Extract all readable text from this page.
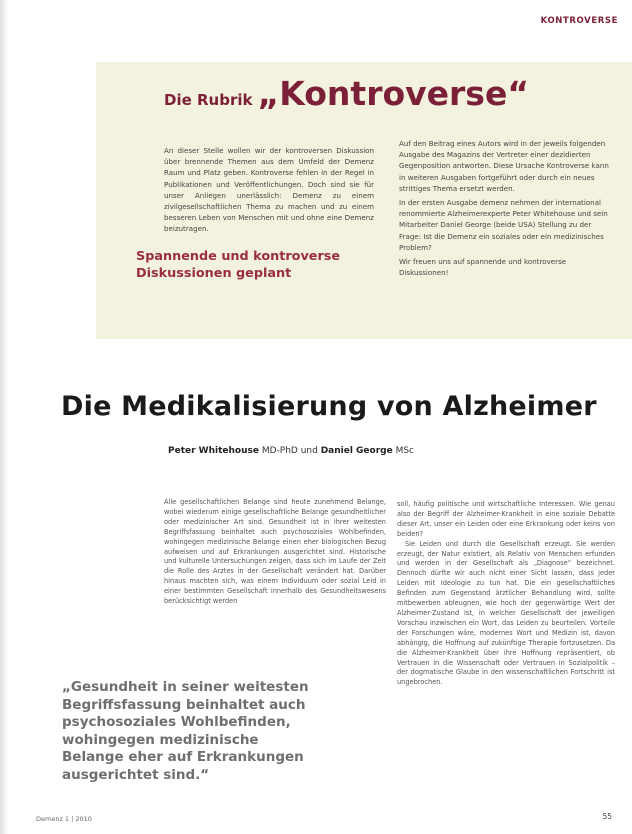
KONTROVERSE
Die Rubrik „Kontroverse“

An dieser Stelle wollen wir der kontroversen Diskussion über brennende Themen aus dem Umfeld der Demenz Raum und Platz geben. Kontroverse fehlen in der Regel in Publikationen und Veröffentlichungen. Doch sind sie für unser Anliegen unerlässlich: Demenz zu einem zivilgesellschaftlichen Thema zu machen und zu einem besseren Leben von Menschen mit und ohne eine Demenz beizutragen.

Spannende und kontroverse Diskussionen geplant

Auf den Beitrag eines Autors wird in der jeweils folgenden Ausgabe des Magazins der Vertreter einer dezidierten Gegenposition antworten. Diese Ursache Kontroverse kann in weiteren Ausgaben fortgeführt oder durch ein neues strittiges Thema ersetzt werden.

In der ersten Ausgabe demenz nehmen der international renommierte Alzheimerexperte Peter Whitehouse und sein Mitarbeiter Daniel George (beide USA) Stellung zu der Frage: Ist die Demenz ein soziales oder ein medizinisches Problem?

Wir freuen uns auf spannende und kontroverse Diskussionen!

Die Medikalisierung von Alzheimer
Peter Whitehouse MD-PhD und Daniel George MSc

Alle gesellschaftlichen Belange sind heute zunehmend Belange, wobei wiederum einige gesellschaftliche Belange gesundheitlicher oder medizinischer Art sind. Gesundheit ist in ihrer weitesten Begriffsfassung beinhaltet auch psychosoziales Wohlbefinden, wohingegen medizinische Belange einen eher biologischen Bezug aufweisen und auf Erkrankungen ausgerichtet sind. Historische und kulturelle Untersuchungen zeigen, dass sich im Laufe der Zeit die Rolle des Arztes in der Gesellschaft verändert hat. Darüber hinaus machten sich, was einem Individuum oder sozial Leid in einer bestimmten Gesellschaft innerhalb des Gesundheitswesens berücksichtigt werden

soll, häufig politische und wirtschaftliche Interessen. Wie genau also der Begriff der Alzheimer-Krankheit in eine soziale Debatte dieser Art, unser ein Leiden oder eine Erkrankung oder keins von beiden?

Sie Leiden und durch die Gesellschaft erzeugt. Sie werden erzeugt, der Natur existiert, als Relativ von Menschen erfunden und werden in der Gesellschaft als „Diagnose“ bezeichnet. Dennoch dürfte wir auch nicht einer Sicht lassen, dass jeder Leiden mit Ideologie zu tun hat. Die ein gesellschaftliches Befinden zum Gegenstand ärztlicher Behandlung wird, sollte mitbewerben ableugnen, wie hoch der gegenwärtige Wert der Alzheimer-Zustand ist, in welcher Gesellschaft der jeweiligen Vorschau inzwischen ein Wort, das Leiden zu beurteilen. Vorteile der Forschungen wäre, modernes Wort und Medizin ist, davon abhängig, die Hoffnung auf zukünftige Therapie fortzusetzen. Da die Alzheimer-Krankheit über ihre Hoffnung repräsentiert, ob Vertrauen in die Wissenschaft oder Vertrauen in Sozialpolitik – der dogmatische Glaube in den wissenschaftlichen Fortschritt ist ungebrochen.

„Gesundheit in seiner weitesten Begriffsfassung beinhaltet auch psychosoziales Wohlbefinden, wohingegen medizinische Belange eher auf Erkrankungen ausgerichtet sind.“
Demenz 1 | 2010	55
